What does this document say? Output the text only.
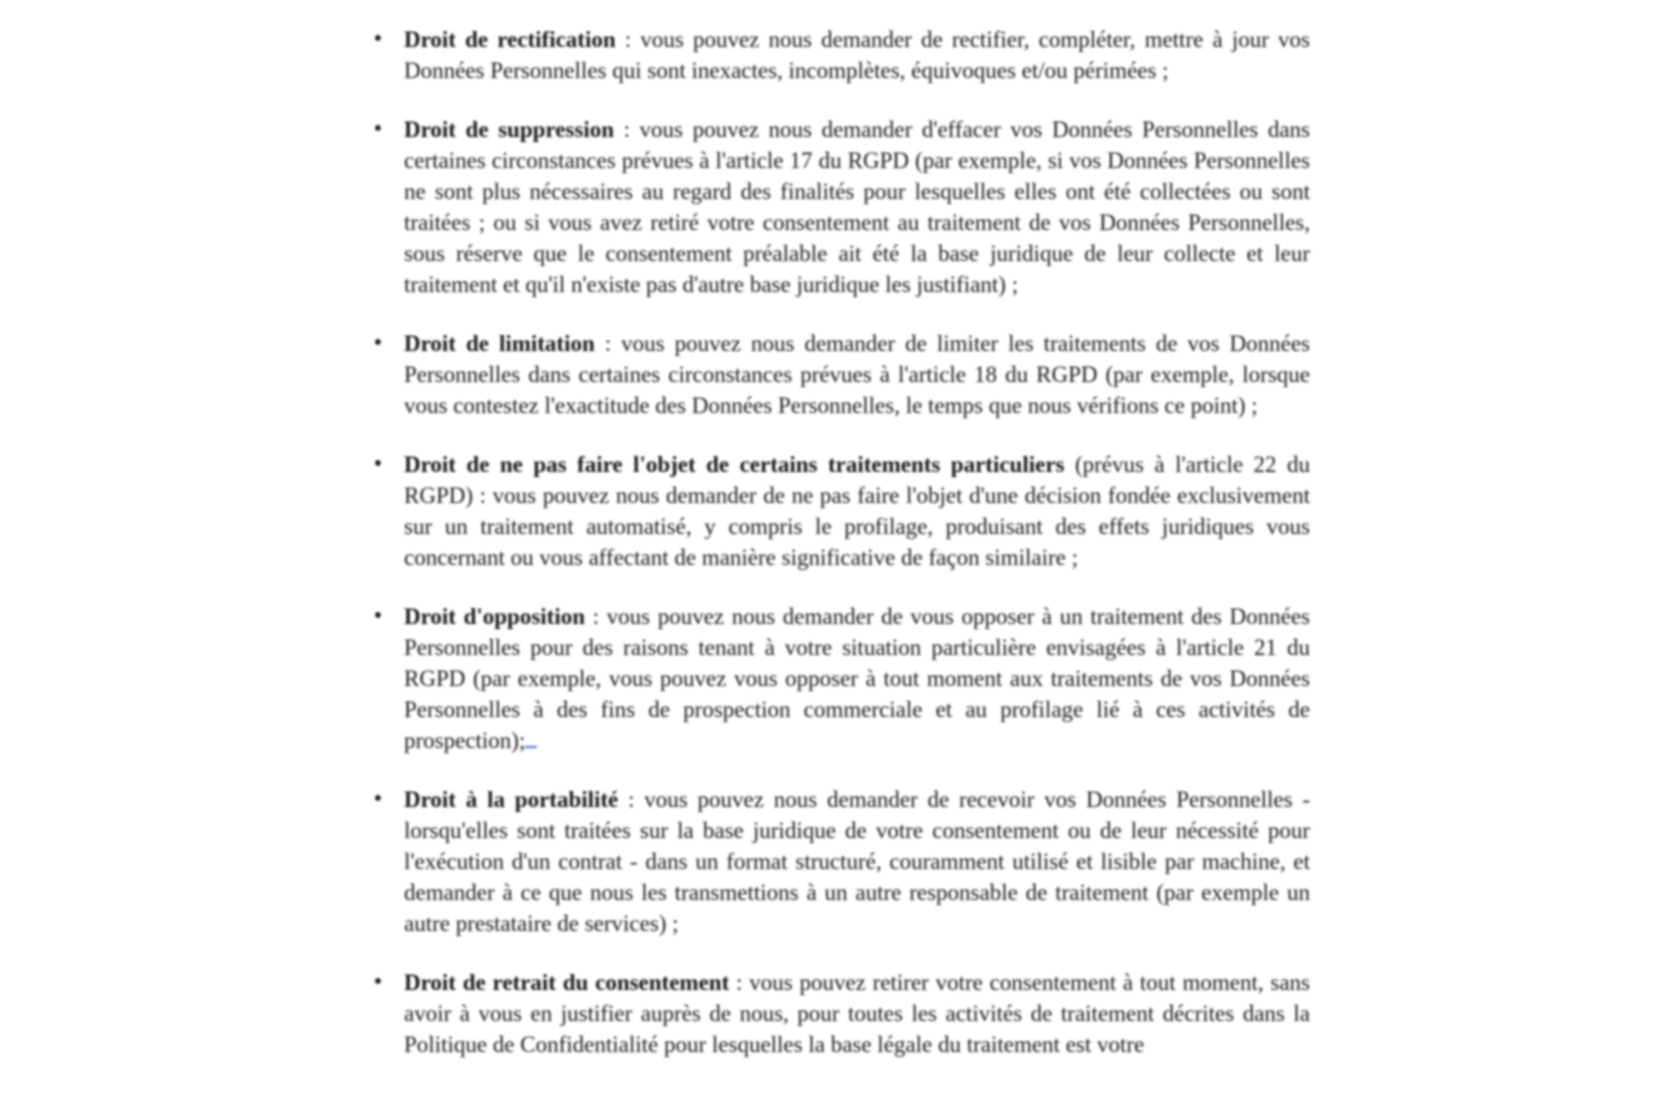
• Droit de rectification : vous pouvez nous demander de rectifier, compléter, mettre à jour vos Données Personnelles qui sont inexactes, incomplètes, équivoques et/ou périmées ;
• Droit de suppression : vous pouvez nous demander d'effacer vos Données Personnelles dans certaines circonstances prévues à l'article 17 du RGPD (par exemple, si vos Données Personnelles ne sont plus nécessaires au regard des finalités pour lesquelles elles ont été collectées ou sont traitées ; ou si vous avez retiré votre consentement au traitement de vos Données Personnelles, sous réserve que le consentement préalable ait été la base juridique de leur collecte et leur traitement et qu'il n'existe pas d'autre base juridique les justifiant) ;
• Droit de limitation : vous pouvez nous demander de limiter les traitements de vos Données Personnelles dans certaines circonstances prévues à l'article 18 du RGPD (par exemple, lorsque vous contestez l'exactitude des Données Personnelles, le temps que nous vérifions ce point) ;
• Droit de ne pas faire l'objet de certains traitements particuliers (prévus à l'article 22 du RGPD) : vous pouvez nous demander de ne pas faire l'objet d'une décision fondée exclusivement sur un traitement automatisé, y compris le profilage, produisant des effets juridiques vous concernant ou vous affectant de manière significative de façon similaire ;
• Droit d'opposition : vous pouvez nous demander de vous opposer à un traitement des Données Personnelles pour des raisons tenant à votre situation particulière envisagées à l'article 21 du RGPD (par exemple, vous pouvez vous opposer à tout moment aux traitements de vos Données Personnelles à des fins de prospection commerciale et au profilage lié à ces activités de prospection);
• Droit à la portabilité : vous pouvez nous demander de recevoir vos Données Personnelles - lorsqu'elles sont traitées sur la base juridique de votre consentement ou de leur nécessité pour l'exécution d'un contrat - dans un format structuré, couramment utilisé et lisible par machine, et demander à ce que nous les transmettions à un autre responsable de traitement (par exemple un autre prestataire de services) ;
• Droit de retrait du consentement : vous pouvez retirer votre consentement à tout moment, sans avoir à vous en justifier auprès de nous, pour toutes les activités de traitement décrites dans la Politique de Confidentialité pour lesquelles la base légale du traitement est votre
